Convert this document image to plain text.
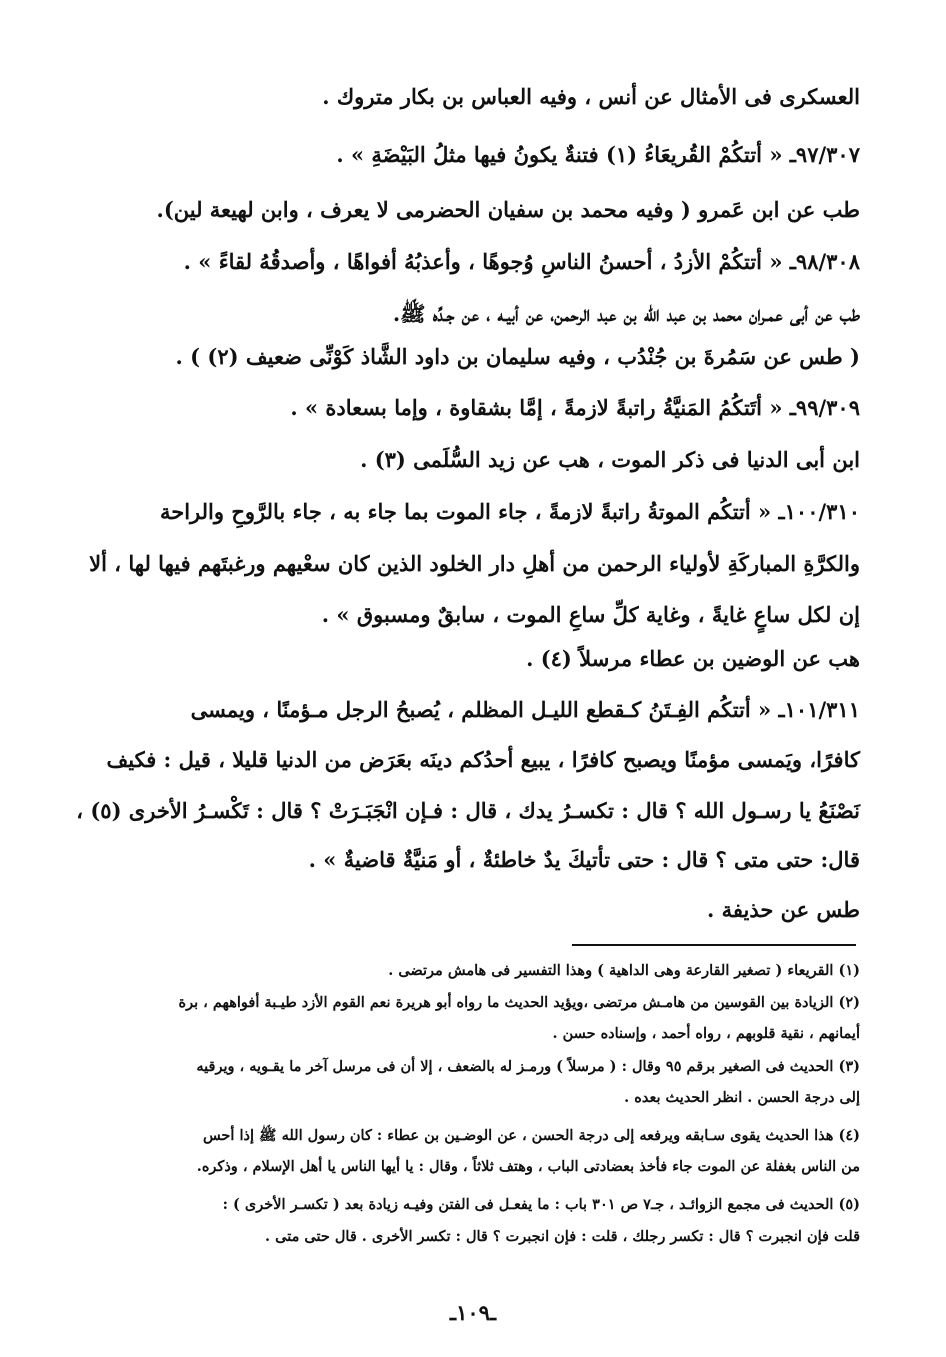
العسكرى فى الأمثال عن أنس ، وفيه العباس بن بكار متروك .
٩٧/٣٠٧ـ « أتتكُمْ القُريعَاءُ (١) فتنةٌ يكونُ فيها مثلُ البَيْضَةِ » .
طب عن ابن عَمرو ( وفيه محمد بن سفيان الحضرمى لا يعرف ، وابن لهيعة لين).
٩٨/٣٠٨ـ « أتتكُمْ الأزدُ ، أحسنُ الناسِ وُجوهًا ، وأعذبُهُ أفواهًا ، وأصدقُهُ لقاءً » .
طب عن أبى عمـران محمد بن عبد الله بن عبد الرحمن، عن أبيـه ، عن جـدِّه ﷺ.
( طس عن سَمُرةَ بن جُنْدُب ، وفيه سليمان بن داود الشَّاذ كَوْنِّى ضعيف (٢) ) .
٩٩/٣٠٩ـ « أتَتكُمُ المَنيَّةُ راتبةً لازمةً ، إمَّا بشقاوة ، وإما بسعادة » .
ابن أبى الدنيا فى ذكر الموت ، هب عن زيد السُّلَمى (٣) .
١٠٠/٣١٠ـ « أتتكُم الموتةُ راتبةً لازمةً ، جاء الموت بما جاء به ، جاء بالرَّوحِ والراحة
والكرَّةِ المباركَةِ لأولياء الرحمن من أهلِ دار الخلود الذين كان سعْيهم ورغبتَهم فيها لها ، ألا
إن لكل ساعٍ غايةً ، وغاية كلِّ ساعِ الموت ، سابقٌ ومسبوق » .
هب عن الوضين بن عطاء مرسلاً (٤) .
١٠١/٣١١ـ « أتتكُم الفِـتَنُ كـقطع الليـل المظلم ، يُصبحُ الرجل مـؤمنًا ، ويمسى
كافرًا، ويَمسى مؤمنًا ويصبح كافرًا ، يبيع أحدُكم دينَه بعَرَض من الدنيا قليلا ، قيل : فكيف
نَصْنَعُ يا رسـول الله ؟ قال : تكسـرُ يدك ، قال : فـإن انْجَبَـرَتْ ؟ قال : تَكْسـرُ الأخرى (٥) ،
قال: حتى متى ؟ قال : حتى تأتيكَ يدٌ خاطئةٌ ، أو مَنيَّةٌ قاضيةٌ » .
طس عن حذيفة .
(١) القريعاء ( تصغير القارعة وهى الداهية ) وهذا التفسير فى هامش مرتضى .
(٢) الزيادة بين القوسين من هامـش مرتضى ،ويؤيد الحديث ما رواه أبو هريرة نعم القوم الأزد طيـبة أفواههم ، برة
أيمانهم ، نقية قلوبهم ، رواه أحمد ، وإسناده حسن .
(٣) الحديث فى الصغير برقم ٩٥ وقال : ( مرسلاً ) ورمـز له بالضعف ، إلا أن فى مرسل آخر ما يقـويه ، ويرقيه
إلى درجة الحسن . انظر الحديث بعده .
(٤) هذا الحديث يقوى سـابقه ويرفعه إلى درجة الحسن ، عن الوضـين بن عطاء : كان رسول الله ﷺ إذا أحس
من الناس بغفلة عن الموت جاء فأخذ بعضادتى الباب ، وهتف ثلاثاً ، وقال : يا أيها الناس يا أهل الإسلام ، وذكره.
(٥) الحديث فى مجمع الزوائـد ، جـ٧ ص ٣٠١ باب : ما يفعـل فى الفتن وفيـه زيادة بعد ( تكسـر الأخرى ) :
قلت فإن انجبرت ؟ قال : تكسر رجلك ، قلت : فإن انجبرت ؟ قال : تكسر الأخرى . قال حتى متى .
ـ١٠٩ـ
